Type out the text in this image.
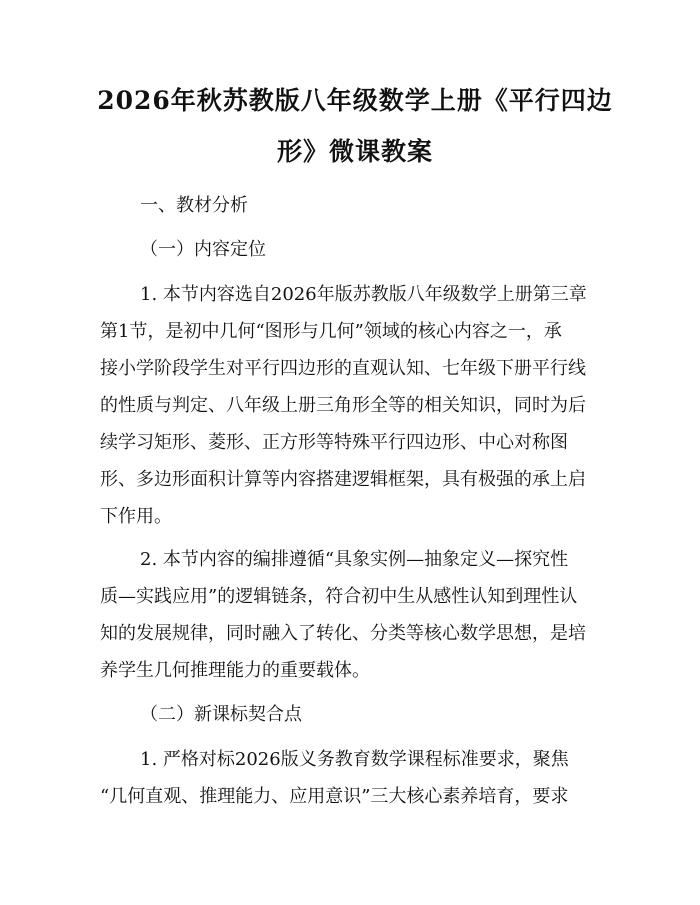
2026年秋苏教版八年级数学上册《平行四边
形》微课教案
一、教材分析
（一）内容定位
1. 本节内容选自2026年版苏教版八年级数学上册第三章
第1节，是初中几何“图形与几何”领域的核心内容之一，承
接小学阶段学生对平行四边形的直观认知、七年级下册平行线
的性质与判定、八年级上册三角形全等的相关知识，同时为后
续学习矩形、菱形、正方形等特殊平行四边形、中心对称图
形、多边形面积计算等内容搭建逻辑框架，具有极强的承上启
下作用。
2. 本节内容的编排遵循“具象实例—抽象定义—探究性
质—实践应用”的逻辑链条，符合初中生从感性认知到理性认
知的发展规律，同时融入了转化、分类等核心数学思想，是培
养学生几何推理能力的重要载体。
（二）新课标契合点
1. 严格对标2026版义务教育数学课程标准要求，聚焦
“几何直观、推理能力、应用意识”三大核心素养培育，要求
